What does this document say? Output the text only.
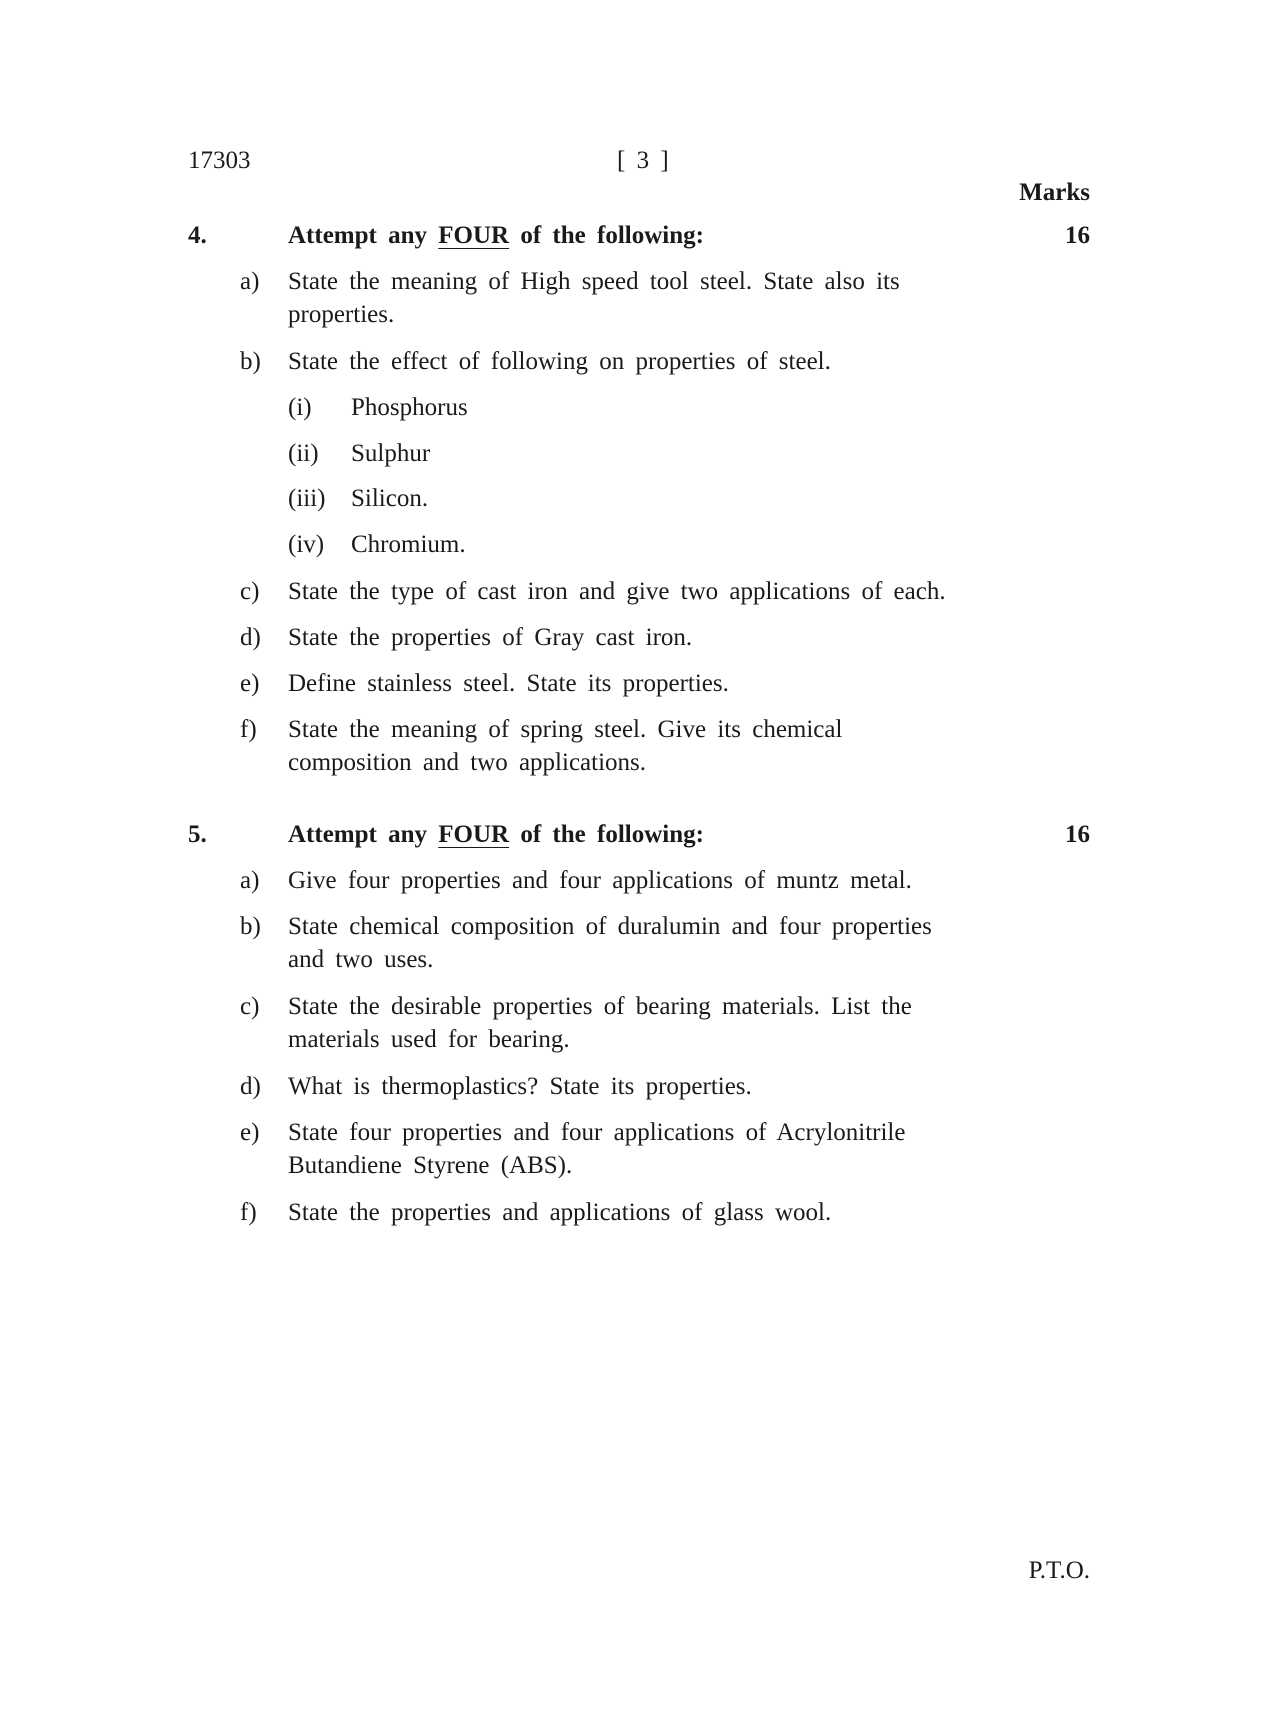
17303	[ 3 ]
Marks
4.	Attempt any FOUR of the following:	16
a) State the meaning of High speed tool steel. State also its
properties.
b) State the effect of following on properties of steel.
(i) Phosphorus
(ii) Sulphur
(iii) Silicon.
(iv) Chromium.
c) State the type of cast iron and give two applications of each.
d) State the properties of Gray cast iron.
e) Define stainless steel. State its properties.
f) State the meaning of spring steel. Give its chemical
composition and two applications.
5.	Attempt any FOUR of the following:	16
a) Give four properties and four applications of muntz metal.
b) State chemical composition of duralumin and four properties
and two uses.
c) State the desirable properties of bearing materials. List the
materials used for bearing.
d) What is thermoplastics? State its properties.
e) State four properties and four applications of Acrylonitrile
Butandiene Styrene (ABS).
f) State the properties and applications of glass wool.
P.T.O.
